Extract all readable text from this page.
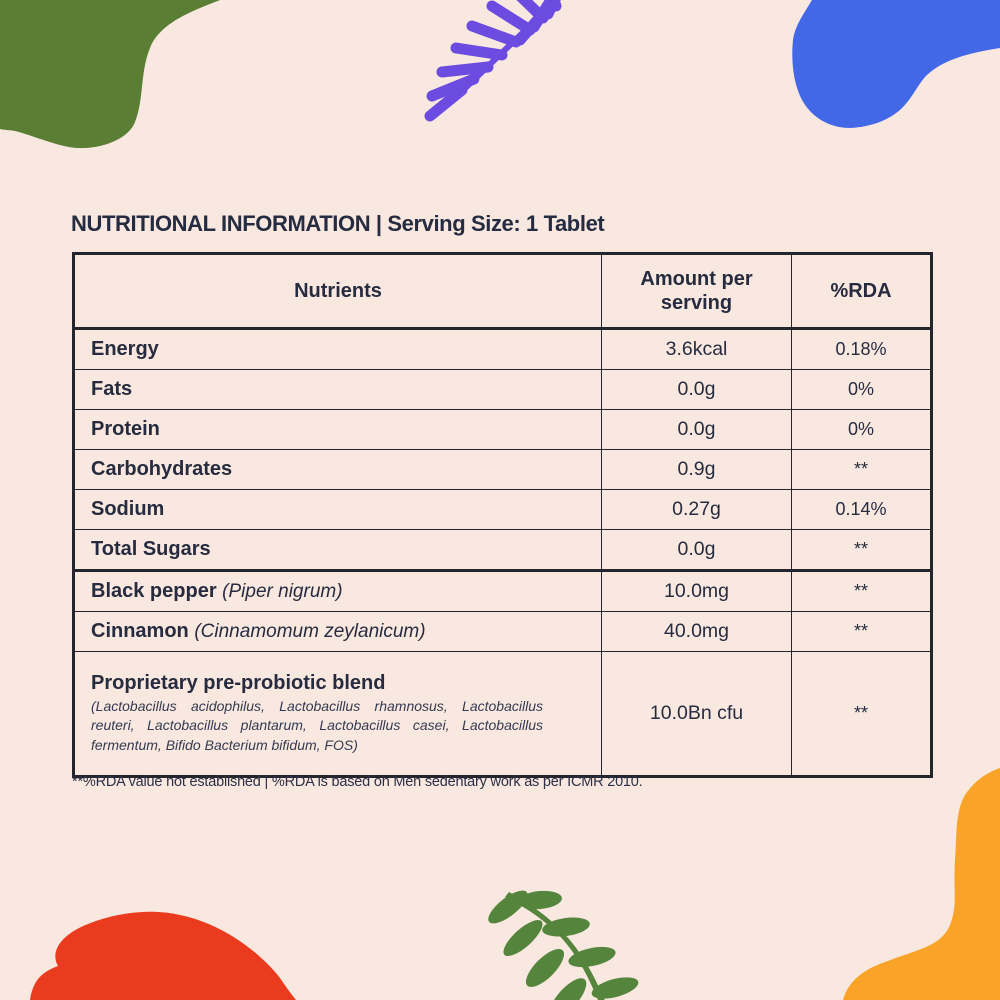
NUTRITIONAL INFORMATION | Serving Size: 1 Tablet
Nutrients	Amount per serving	%RDA
Energy	3.6kcal	0.18%
Fats	0.0g	0%
Protein	0.0g	0%
Carbohydrates	0.9g	**
Sodium	0.27g	0.14%
Total Sugars	0.0g	**
Black pepper (Piper nigrum)	10.0mg	**
Cinnamon (Cinnamomum zeylanicum)	40.0mg	**

Proprietary pre-probiotic blend
(Lactobacillus acidophilus, Lactobacillus rhamnosus, Lactobacillus reuteri, Lactobacillus plantarum, Lactobacillus casei, Lactobacillus fermentum, Bifido Bacterium bifidum, FOS)	10.0Bn cfu	**
**%RDA value not established | %RDA is based on Men sedentary work as per ICMR 2010.
